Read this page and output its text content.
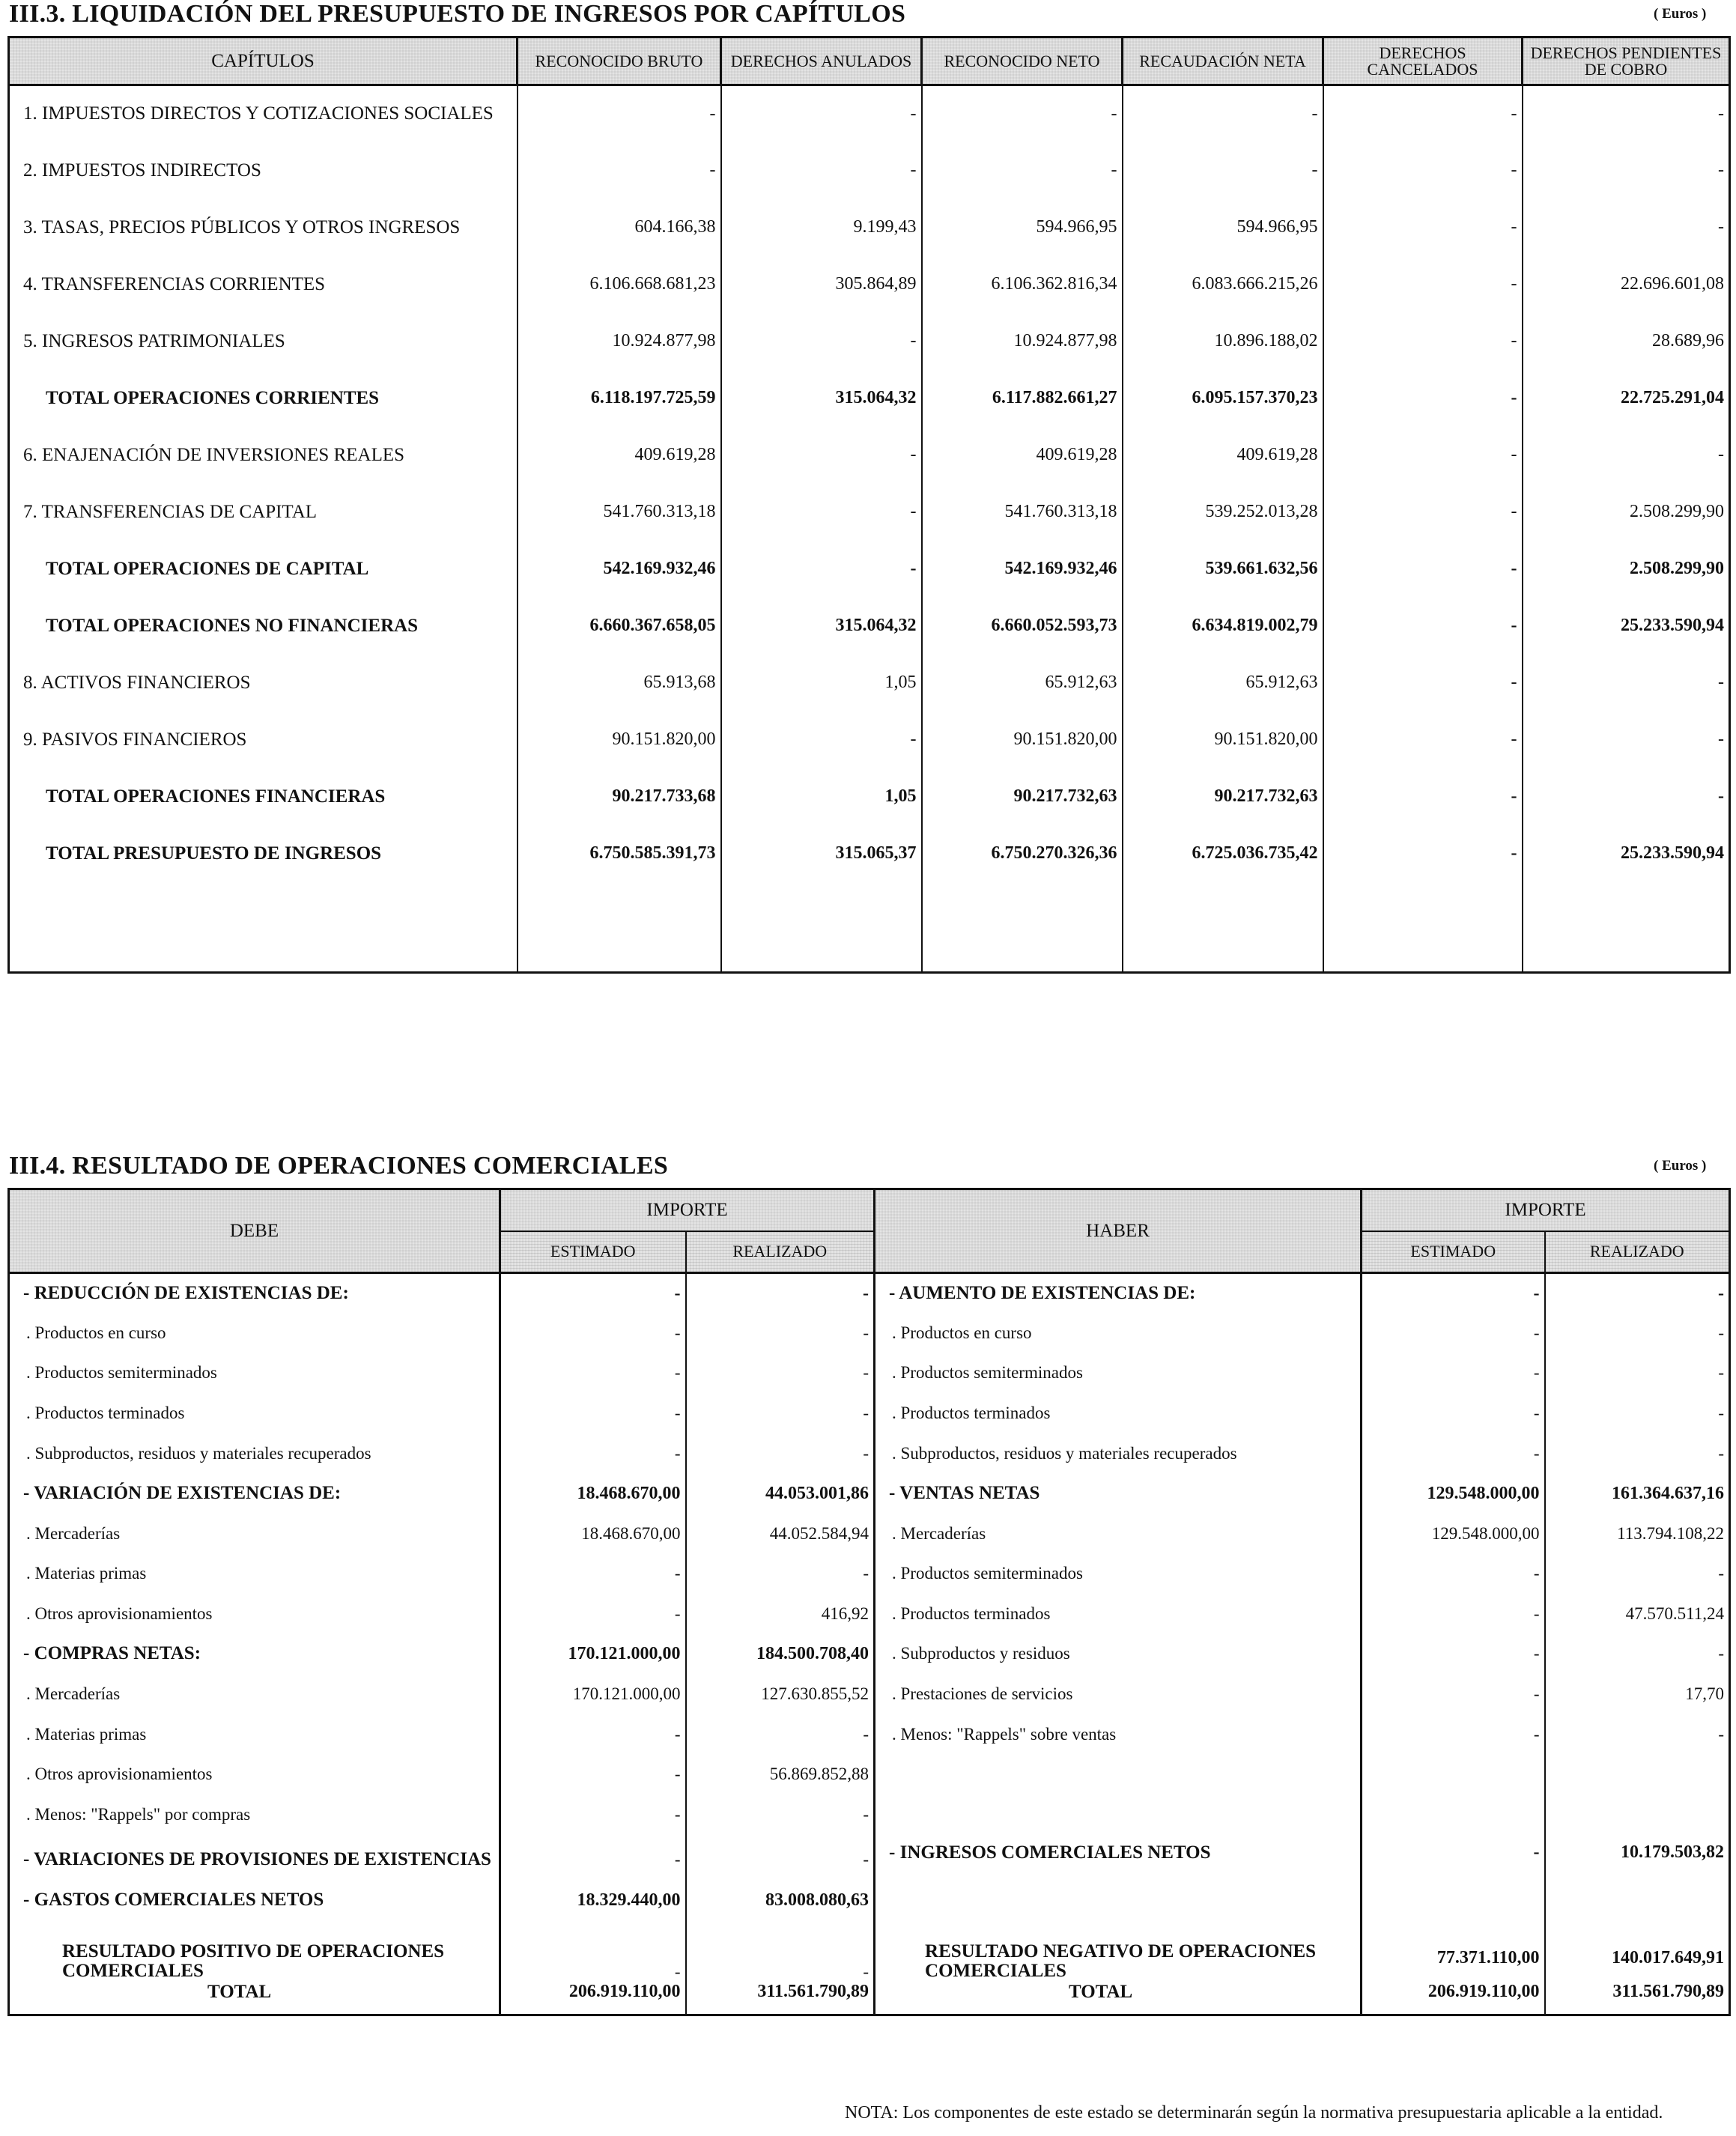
III.3. LIQUIDACIÓN DEL PRESUPUESTO DE INGRESOS POR CAPÍTULOS	( Euros )
CAPÍTULOS	RECONOCIDO BRUTO	DERECHOS ANULADOS	RECONOCIDO NETO	RECAUDACIÓN NETA	DERECHOS CANCELADOS	DERECHOS PENDIENTES DE COBRO
1. IMPUESTOS DIRECTOS Y COTIZACIONES SOCIALES	-	-	-	-	-	-
2. IMPUESTOS INDIRECTOS	-	-	-	-	-	-
3. TASAS, PRECIOS PÚBLICOS Y OTROS INGRESOS	604.166,38	9.199,43	594.966,95	594.966,95	-	-
4. TRANSFERENCIAS CORRIENTES	6.106.668.681,23	305.864,89	6.106.362.816,34	6.083.666.215,26	-	22.696.601,08
5. INGRESOS PATRIMONIALES	10.924.877,98	-	10.924.877,98	10.896.188,02	-	28.689,96
TOTAL OPERACIONES CORRIENTES	6.118.197.725,59	315.064,32	6.117.882.661,27	6.095.157.370,23	-	22.725.291,04
6. ENAJENACIÓN DE INVERSIONES REALES	409.619,28	-	409.619,28	409.619,28	-	-
7. TRANSFERENCIAS DE CAPITAL	541.760.313,18	-	541.760.313,18	539.252.013,28	-	2.508.299,90
TOTAL OPERACIONES DE CAPITAL	542.169.932,46	-	542.169.932,46	539.661.632,56	-	2.508.299,90
TOTAL OPERACIONES NO FINANCIERAS	6.660.367.658,05	315.064,32	6.660.052.593,73	6.634.819.002,79	-	25.233.590,94
8. ACTIVOS FINANCIEROS	65.913,68	1,05	65.912,63	65.912,63	-	-
9. PASIVOS FINANCIEROS	90.151.820,00	-	90.151.820,00	90.151.820,00	-	-
TOTAL OPERACIONES FINANCIERAS	90.217.733,68	1,05	90.217.732,63	90.217.732,63	-	-
TOTAL PRESUPUESTO DE INGRESOS	6.750.585.391,73	315.065,37	6.750.270.326,36	6.725.036.735,42	-	25.233.590,94

III.4. RESULTADO DE OPERACIONES COMERCIALES	( Euros )
DEBE	IMPORTE		HABER	IMPORTE	
	ESTIMADO	REALIZADO		ESTIMADO	REALIZADO
- REDUCCIÓN DE EXISTENCIAS DE:	-	-	- AUMENTO DE EXISTENCIAS DE:	-	-
. Productos en curso	-	-	. Productos en curso	-	-
. Productos semiterminados	-	-	. Productos semiterminados	-	-
. Productos terminados	-	-	. Productos terminados	-	-
. Subproductos, residuos y materiales recuperados	-	-	. Subproductos, residuos y materiales recuperados	-	-
- VARIACIÓN DE EXISTENCIAS DE:	18.468.670,00	44.053.001,86	- VENTAS NETAS	129.548.000,00	161.364.637,16
. Mercaderías	18.468.670,00	44.052.584,94	. Mercaderías	129.548.000,00	113.794.108,22
. Materias primas	-	-	. Productos semiterminados	-	-
. Otros aprovisionamientos	-	416,92	. Productos terminados	-	47.570.511,24
- COMPRAS NETAS:	170.121.000,00	184.500.708,40	. Subproductos y residuos	-	-
. Mercaderías	170.121.000,00	127.630.855,52	. Prestaciones de servicios	-	17,70
. Materias primas	-	-	. Menos: "Rappels" sobre ventas	-	-
. Otros aprovisionamientos	-	56.869.852,88			
. Menos: "Rappels" por compras	-	-			
- VARIACIONES DE PROVISIONES DE EXISTENCIAS	-	-	- INGRESOS COMERCIALES NETOS	-	10.179.503,82
- GASTOS COMERCIALES NETOS	18.329.440,00	83.008.080,63			

RESULTADO POSITIVO DE OPERACIONES COMERCIALES	-	-	RESULTADO NEGATIVO DE OPERACIONES COMERCIALES	77.371.110,00	140.017.649,91
TOTAL	206.919.110,00	311.561.790,89	TOTAL	206.919.110,00	311.561.790,89
NOTA: Los componentes de este estado se determinarán según la normativa presupuestaria aplicable a la entidad.
